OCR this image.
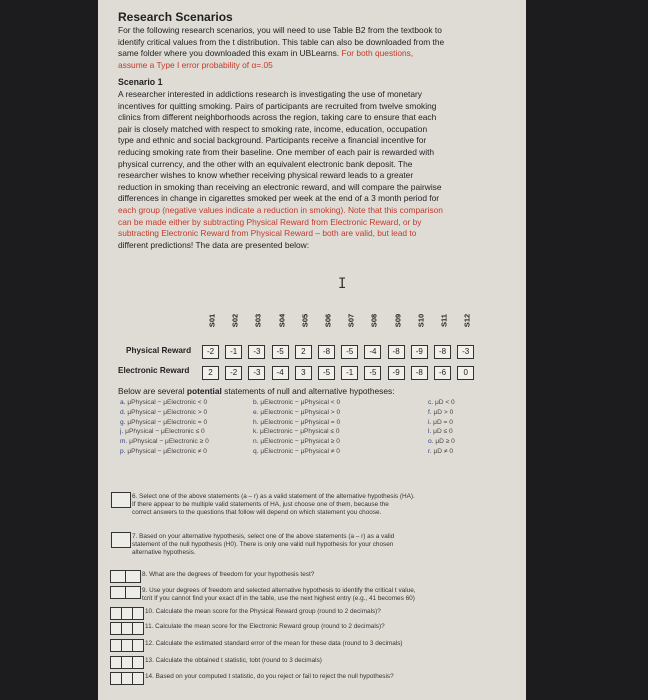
Research Scenarios
For the following research scenarios, you will need to use Table B2 from the textbook to
identify critical values from the t distribution. This table can also be downloaded from the
same folder where you downloaded this exam in UBLearns. For both questions,
assume a Type I error probability of α=.05
Scenario 1
A researcher interested in addictions research is investigating the use of monetary
incentives for quitting smoking. Pairs of participants are recruited from twelve smoking
clinics from different neighborhoods across the region, taking care to ensure that each
pair is closely matched with respect to smoking rate, income, education, occupation
type and ethnic and social background. Participants receive a financial incentive for
reducing smoking rate from their baseline. One member of each pair is rewarded with
physical currency, and the other with an equivalent electronic bank deposit. The
researcher wishes to know whether receiving physical reward leads to a greater
reduction in smoking than receiving an electronic reward, and will compare the pairwise
differences in change in cigarettes smoked per week at the end of a 3 month period for
each group (negative values indicate a reduction in smoking). Note that this comparison
can be made either by subtracting Physical Reward from Electronic Reward, or by
subtracting Electronic Reward from Physical Reward – both are valid, but lead to
different predictions! The data are presented below:
I
S01 S02 S03 S04 S05 S06 S07 S08 S09 S10 S11 S12
Physical Reward
Electronic Reward
-2	-1	-3	-5	2	-8	-5	-4	-8	-9	-8	-3
2	-2	-3	-4	3	-5	-1	-5	-9	-8	-6	0
Below are several potential statements of null and alternative hypotheses:
a. μPhysical − μElectronic < 0
d. μPhysical − μElectronic > 0
g. μPhysical − μElectronic = 0
j. μPhysical − μElectronic ≤ 0
m. μPhysical − μElectronic ≥ 0
p. μPhysical − μElectronic ≠ 0
b. μElectronic − μPhysical < 0
e. μElectronic − μPhysical > 0
h. μElectronic − μPhysical = 0
k. μElectronic − μPhysical ≤ 0
n. μElectronic − μPhysical ≥ 0
q. μElectronic − μPhysical ≠ 0
c. μD < 0
f. μD > 0
i. μD = 0
l. μD ≤ 0
o. μD ≥ 0
r. μD ≠ 0
6. Select one of the above statements (a – r) as a valid statement of the alternative hypothesis (HA).
If there appear to be multiple valid statements of HA, just choose one of them, because the
correct answers to the questions that follow will depend on which statement you choose.
7. Based on your alternative hypothesis, select one of the above statements (a – r) as a valid
statement of the null hypothesis (H0). There is only one valid null hypothesis for your chosen
alternative hypothesis.
8. What are the degrees of freedom for your hypothesis test?
9. Use your degrees of freedom and selected alternative hypothesis to identify the critical t value,
tcrit If you cannot find your exact df in the table, use the next highest entry (e.g., 41 becomes 60)
10. Calculate the mean score for the Physical Reward group (round to 2 decimals)?
11. Calculate the mean score for the Electronic Reward group (round to 2 decimals)?
12. Calculate the estimated standard error of the mean for these data (round to 3 decimals)
13. Calculate the obtained t statistic, tobt (round to 3 decimals)
14. Based on your computed t statistic, do you reject or fail to reject the null hypothesis?
